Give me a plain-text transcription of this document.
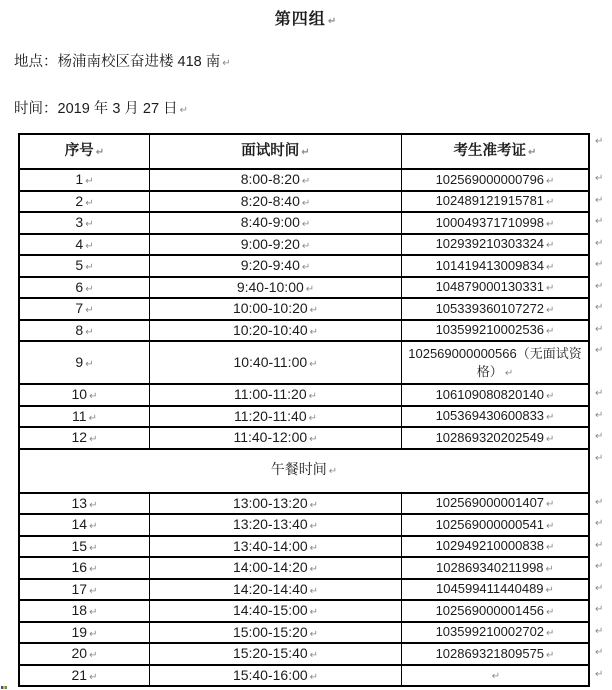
第四组 ↵
地点：杨浦南校区奋进楼 418 南 ↵
时间：2019 年 3 月 27 日 ↵
序号 ↵	面试时间 ↵	考生准考证 ↵
↵
1 ↵	8:00-8:20 ↵	102569000000796 ↵	↵
2 ↵	8:20-8:40 ↵	102489121915781 ↵	↵
3 ↵	8:40-9:00 ↵	100049371710998 ↵	↵
4 ↵	9:00-9:20 ↵	102939210303324 ↵	↵
5 ↵	9:20-9:40 ↵	101419413009834 ↵	↵
6 ↵	9:40-10:00 ↵	104879000130331 ↵	↵
7 ↵	10:00-10:20 ↵	105339360107272 ↵	↵
8 ↵	10:20-10:40 ↵	103599210002536 ↵	↵
9 ↵	10:40-11:00 ↵
102569000000566（无面试资格） ↵
↵
10 ↵	11:00-11:20 ↵	106109080820140 ↵	↵
11 ↵	11:20-11:40 ↵	105369430600833 ↵	↵
12 ↵	11:40-12:00 ↵	102869320202549 ↵	↵
午餐时间 ↵
↵
13 ↵	13:00-13:20 ↵	102569000001407 ↵	↵
14 ↵	13:20-13:40 ↵	102569000000541 ↵	↵
15 ↵	13:40-14:00 ↵	102949210000838 ↵	↵
16 ↵	14:00-14:20 ↵	102869340211998 ↵	↵
17 ↵	14:20-14:40 ↵	104599411440489 ↵	↵
18 ↵	14:40-15:00 ↵	102569000001456 ↵	↵
19 ↵	15:00-15:20 ↵	103599210002702 ↵	↵
20 ↵	15:20-15:40 ↵	102869321809575 ↵	↵
21 ↵	15:40-16:00 ↵	↵	↵
